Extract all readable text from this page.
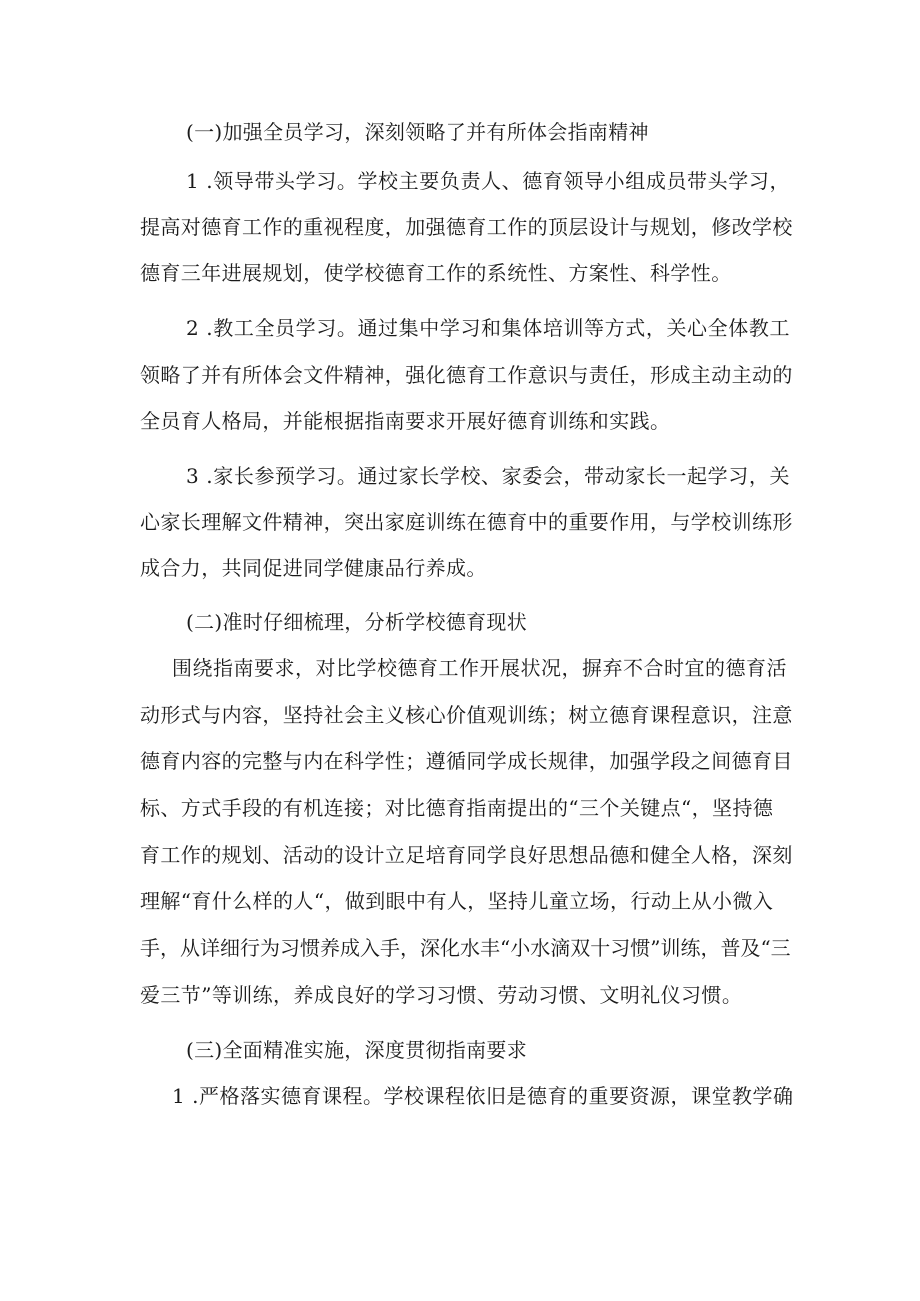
(一)加强全员学习，深刻领略了并有所体会指南精神
1 .领导带头学习。学校主要负责人、德育领导小组成员带头学习，
提高对德育工作的重视程度，加强德育工作的顶层设计与规划，修改学校
德育三年进展规划，使学校德育工作的系统性、方案性、科学性。
2 .教工全员学习。通过集中学习和集体培训等方式，关心全体教工
领略了并有所体会文件精神，强化德育工作意识与责任，形成主动主动的
全员育人格局，并能根据指南要求开展好德育训练和实践。
3 .家长参预学习。通过家长学校、家委会，带动家长一起学习，关
心家长理解文件精神，突出家庭训练在德育中的重要作用，与学校训练形
成合力，共同促进同学健康品行养成。
(二)准时仔细梳理，分析学校德育现状
围绕指南要求，对比学校德育工作开展状况，摒弃不合时宜的德育活
动形式与内容，坚持社会主义核心价值观训练；树立德育课程意识，注意
德育内容的完整与内在科学性；遵循同学成长规律，加强学段之间德育目
标、方式手段的有机连接；对比德育指南提出的“三个关键点“，坚持德
育工作的规划、活动的设计立足培育同学良好思想品德和健全人格，深刻
理解“育什么样的人“，做到眼中有人，坚持儿童立场，行动上从小微入
手，从详细行为习惯养成入手，深化水丰“小水滴双十习惯”训练，普及“三
爱三节”等训练，养成良好的学习习惯、劳动习惯、文明礼仪习惯。
(三)全面精准实施，深度贯彻指南要求
1 .严格落实德育课程。学校课程依旧是德育的重要资源，课堂教学确
